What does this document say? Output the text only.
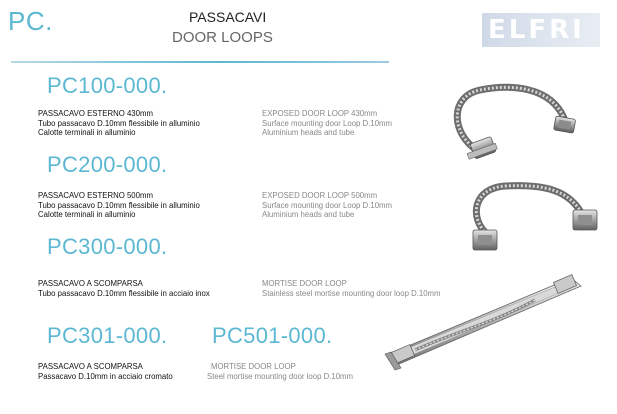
PC.	PASSACAVI
DOOR LOOPS	ELFRI
PC100-000.
PASSACAVO ESTERNO 430mm
Tubo passacavo D.10mm flessibile in alluminio
Calotte terminali in alluminio
EXPOSED DOOR LOOP 430mm
Surface mounting door Loop D.10mm
Aluminium heads and tube
PC200-000.
PASSACAVO ESTERNO 500mm
Tubo passacavo D.10mm flessibile in alluminio
Calotte terminali in alluminio
EXPOSED DOOR LOOP 500mm
Surface mounting door Loop D.10mm
Aluminium heads and tube
PC300-000.
PASSACAVO A SCOMPARSA
Tubo passacavo D.10mm flessibile in acciaio inox
MORTISE DOOR LOOP
Stainless steel mortise mounting door loop D.10mm
PC301-000. PC501-000.
PASSACAVO A SCOMPARSA
Passacavo D.10mm in acciaio cromato
MORTISE DOOR LOOP
Steel mortise mounting door loop D.10mm
